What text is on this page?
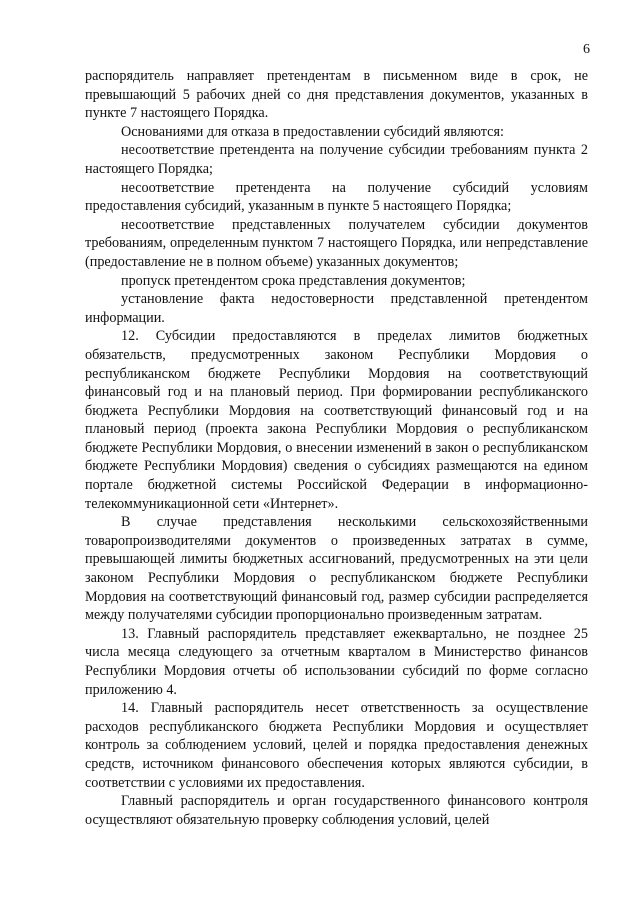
6

распорядитель направляет претендентам в письменном виде в срок, не превышающий 5 рабочих дней со дня представления документов, указанных в пункте 7 настоящего Порядка.

Основаниями для отказа в предоставлении субсидий являются:

несоответствие претендента на получение субсидии требованиям пункта 2 настоящего Порядка;

несоответствие претендента на получение субсидий условиям предоставления субсидий, указанным в пункте 5 настоящего Порядка;

несоответствие представленных получателем субсидии документов требованиям, определенным пунктом 7 настоящего Порядка, или непредставление (предоставление не в полном объеме) указанных документов;

пропуск претендентом срока представления документов;

установление факта недостоверности представленной претендентом информации.

12. Субсидии предоставляются в пределах лимитов бюджетных обязательств, предусмотренных законом Республики Мордовия о республиканском бюджете Республики Мордовия на соответствующий финансовый год и на плановый период. При формировании республиканского бюджета Республики Мордовия на соответствующий финансовый год и на плановый период (проекта закона Республики Мордовия о республиканском бюджете Республики Мордовия, о внесении изменений в закон о республиканском бюджете Республики Мордовия) сведения о субсидиях размещаются на едином портале бюджетной системы Российской Федерации в информационно-телекоммуникационной сети «Интернет».

В случае представления несколькими сельскохозяйственными товаропроизводителями документов о произведенных затратах в сумме, превышающей лимиты бюджетных ассигнований, предусмотренных на эти цели законом Республики Мордовия о республиканском бюджете Республики Мордовия на соответствующий финансовый год, размер субсидии распределяется между получателями субсидии пропорционально произведенным затратам.

13. Главный распорядитель представляет ежеквартально, не позднее 25 числа месяца следующего за отчетным кварталом в Министерство финансов Республики Мордовия отчеты об использовании субсидий по форме согласно приложению 4.

14. Главный распорядитель несет ответственность за осуществление расходов республиканского бюджета Республики Мордовия и осуществляет контроль за соблюдением условий, целей и порядка предоставления денежных средств, источником финансового обеспечения которых являются субсидии, в соответствии с условиями их предоставления.

Главный распорядитель и орган государственного финансового контроля осуществляют обязательную проверку соблюдения условий, целей
